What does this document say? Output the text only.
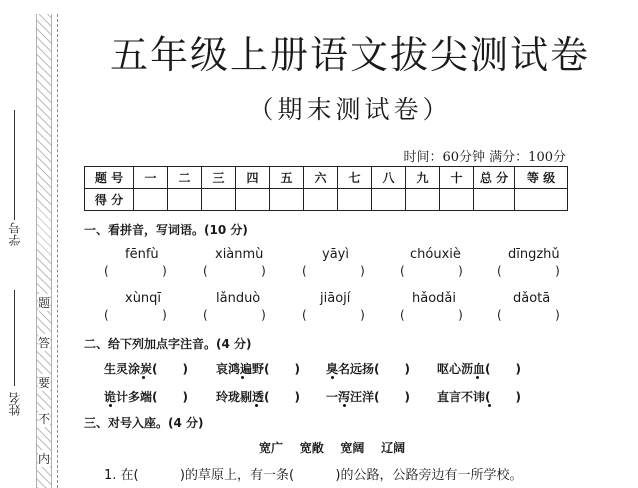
学号
姓名
内
不
要
答
题
五年级上册语文拔尖测试卷
（期末测试卷）
时间：60分钟 满分：100分
题 号	一	二	三	四	五	六	七	八	九	十	总 分	等 级
得 分												
一、看拼音，写词语。(10 分)
fēnfù	xiànmù	yāyì	chóuxiè	dīngzhǔ
(              )	(              )	(              )	(              )	(              )
xùnqī	lǎnduò	jiāojí	hǎodǎi	dǎotā
(              )	(              )	(              )	(              )	(              )
二、给下列加点字注音。(4 分)
生灵涂炭(      ) 哀鸿遍野(      ) 臭名远扬(      ) 呕心沥血(      )
诡计多端(      ) 玲珑剔透(      ) 一泻汪洋(      ) 直言不讳(      )
三、对号入座。(4 分)
宽广    宽敞    宽阔    辽阔
1. 在(          )的草原上，有一条(          )的公路，公路旁边有一所学校。
